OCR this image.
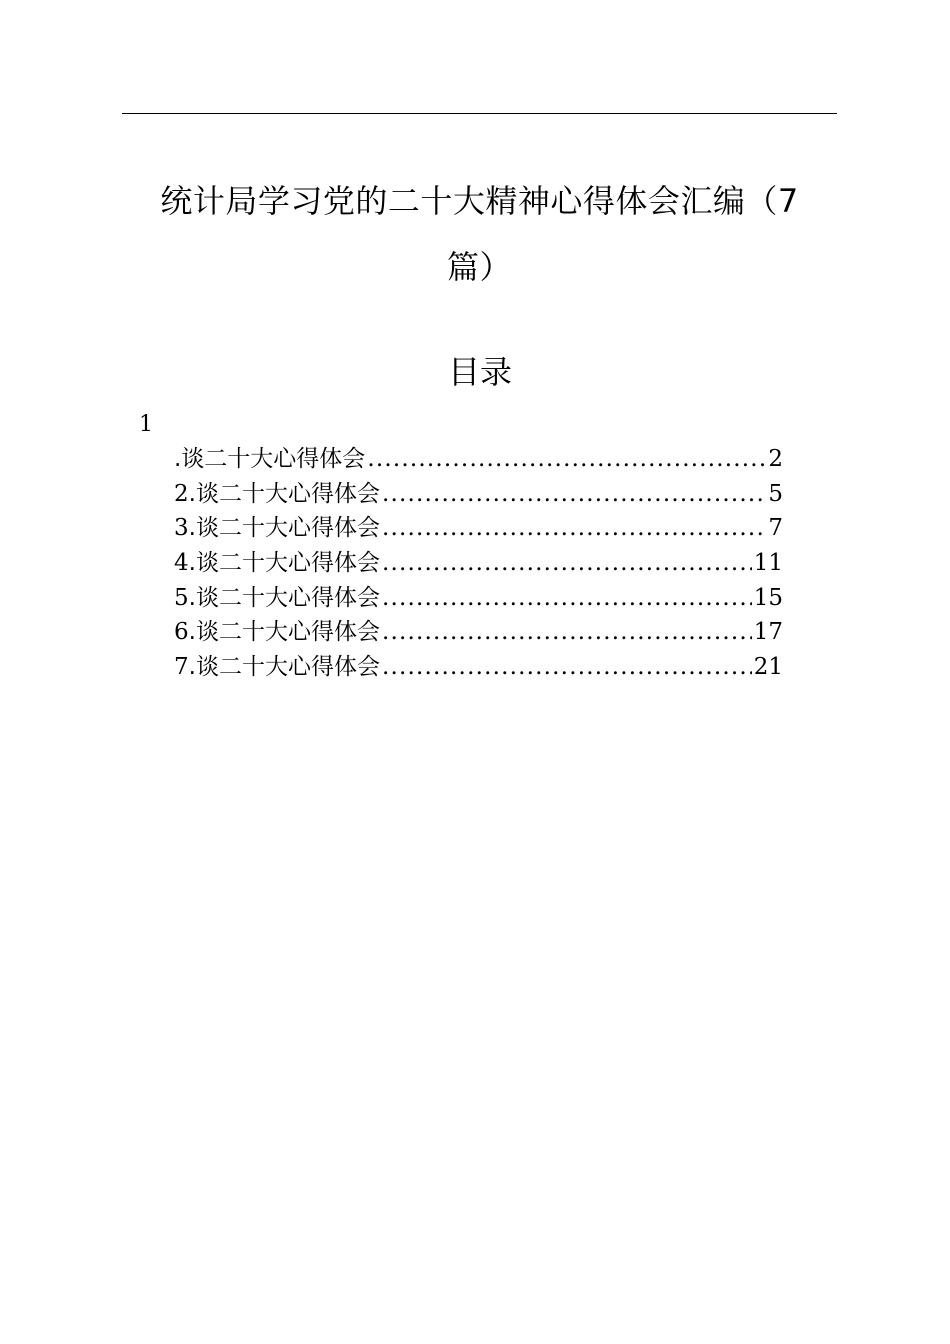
统计局学习党的二十大精神心得体会汇编（7
篇）
目录
1
.谈二十大心得体会 .....	2
2.谈二十大心得体会 .....	5
3.谈二十大心得体会 .....	7
4.谈二十大心得体会 .....	11
5.谈二十大心得体会 .....	15
6.谈二十大心得体会 .....	17
7.谈二十大心得体会 .....	21
